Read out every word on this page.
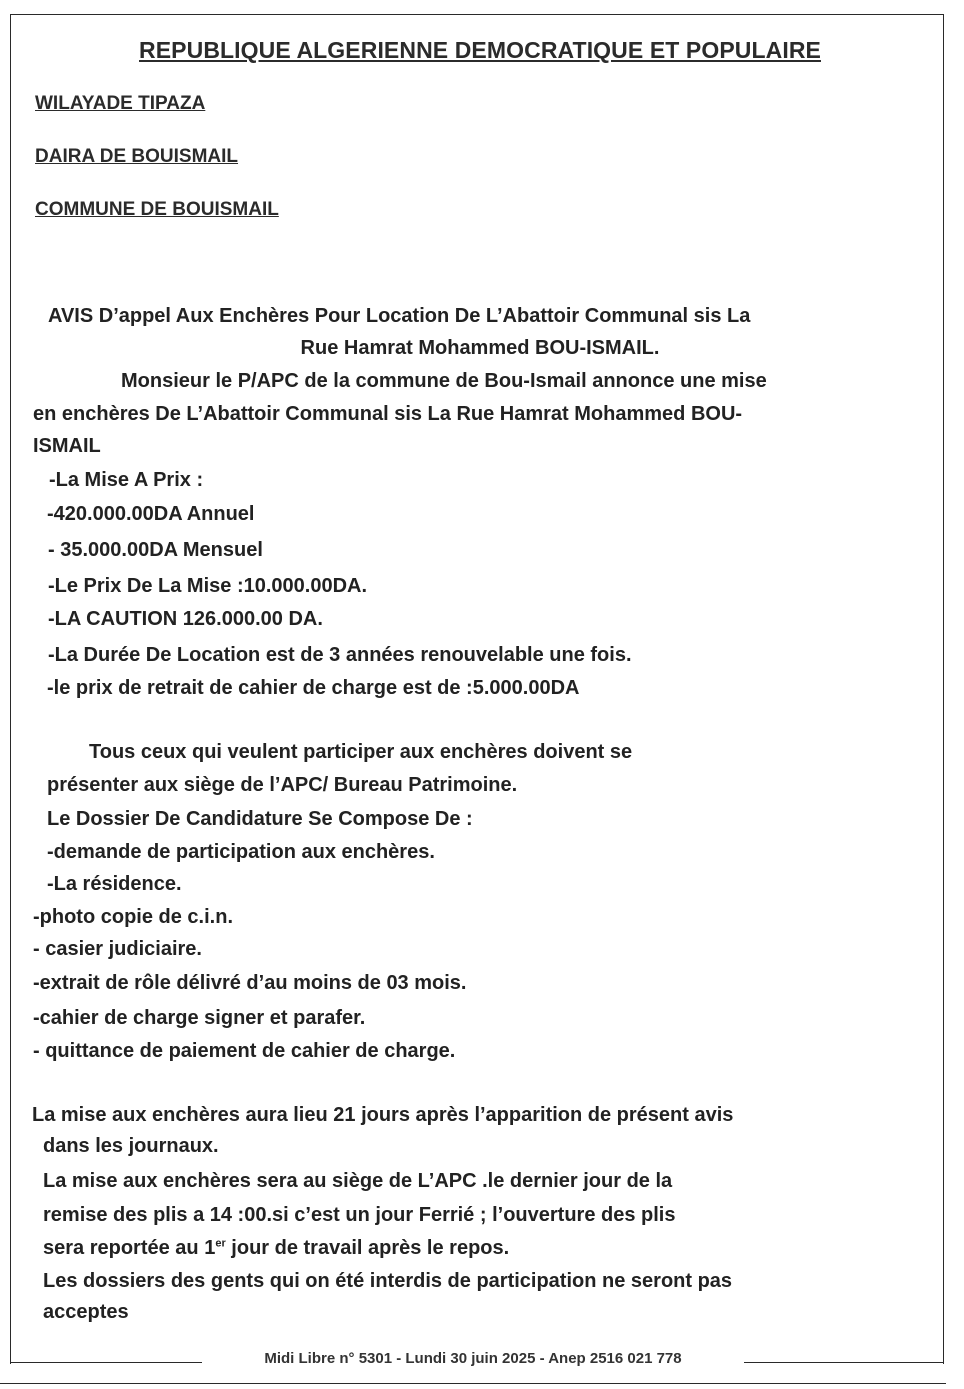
REPUBLIQUE ALGERIENNE DEMOCRATIQUE ET POPULAIRE
WILAYADE TIPAZA
DAIRA DE BOUISMAIL
COMMUNE DE BOUISMAIL
AVIS D’appel Aux Enchères Pour Location De L’Abattoir Communal sis La
Rue Hamrat Mohammed BOU-ISMAIL.
Monsieur le P/APC de la commune de Bou-Ismail annonce une mise
en enchères De L’Abattoir Communal sis La Rue Hamrat Mohammed BOU-
ISMAIL
-La Mise A Prix :
-420.000.00DA Annuel
- 35.000.00DA Mensuel
-Le Prix De La Mise :10.000.00DA.
-LA CAUTION 126.000.00 DA.
-La Durée De Location est de 3 années renouvelable une fois.
-le prix de retrait de cahier de charge est de :5.000.00DA
Tous ceux qui veulent participer aux enchères doivent se
présenter aux siège de l’APC/ Bureau Patrimoine.
Le Dossier De Candidature Se Compose De :
-demande de participation aux enchères.
-La résidence.
-photo copie de c.i.n.
- casier judiciaire.
-extrait de rôle délivré d’au moins de 03 mois.
-cahier de charge signer et parafer.
- quittance de paiement de cahier de charge.
La mise aux enchères aura lieu 21 jours après l’apparition de présent avis
dans les journaux.
La mise aux enchères sera au siège de L’APC .le dernier jour de la
remise des plis a 14 :00.si c’est un jour Ferrié ; l’ouverture des plis
sera reportée au 1er jour de travail après le repos.
Les dossiers des gents qui on été interdis de participation ne seront pas
acceptes
Midi Libre n° 5301 - Lundi 30 juin 2025 - Anep 2516 021 778
